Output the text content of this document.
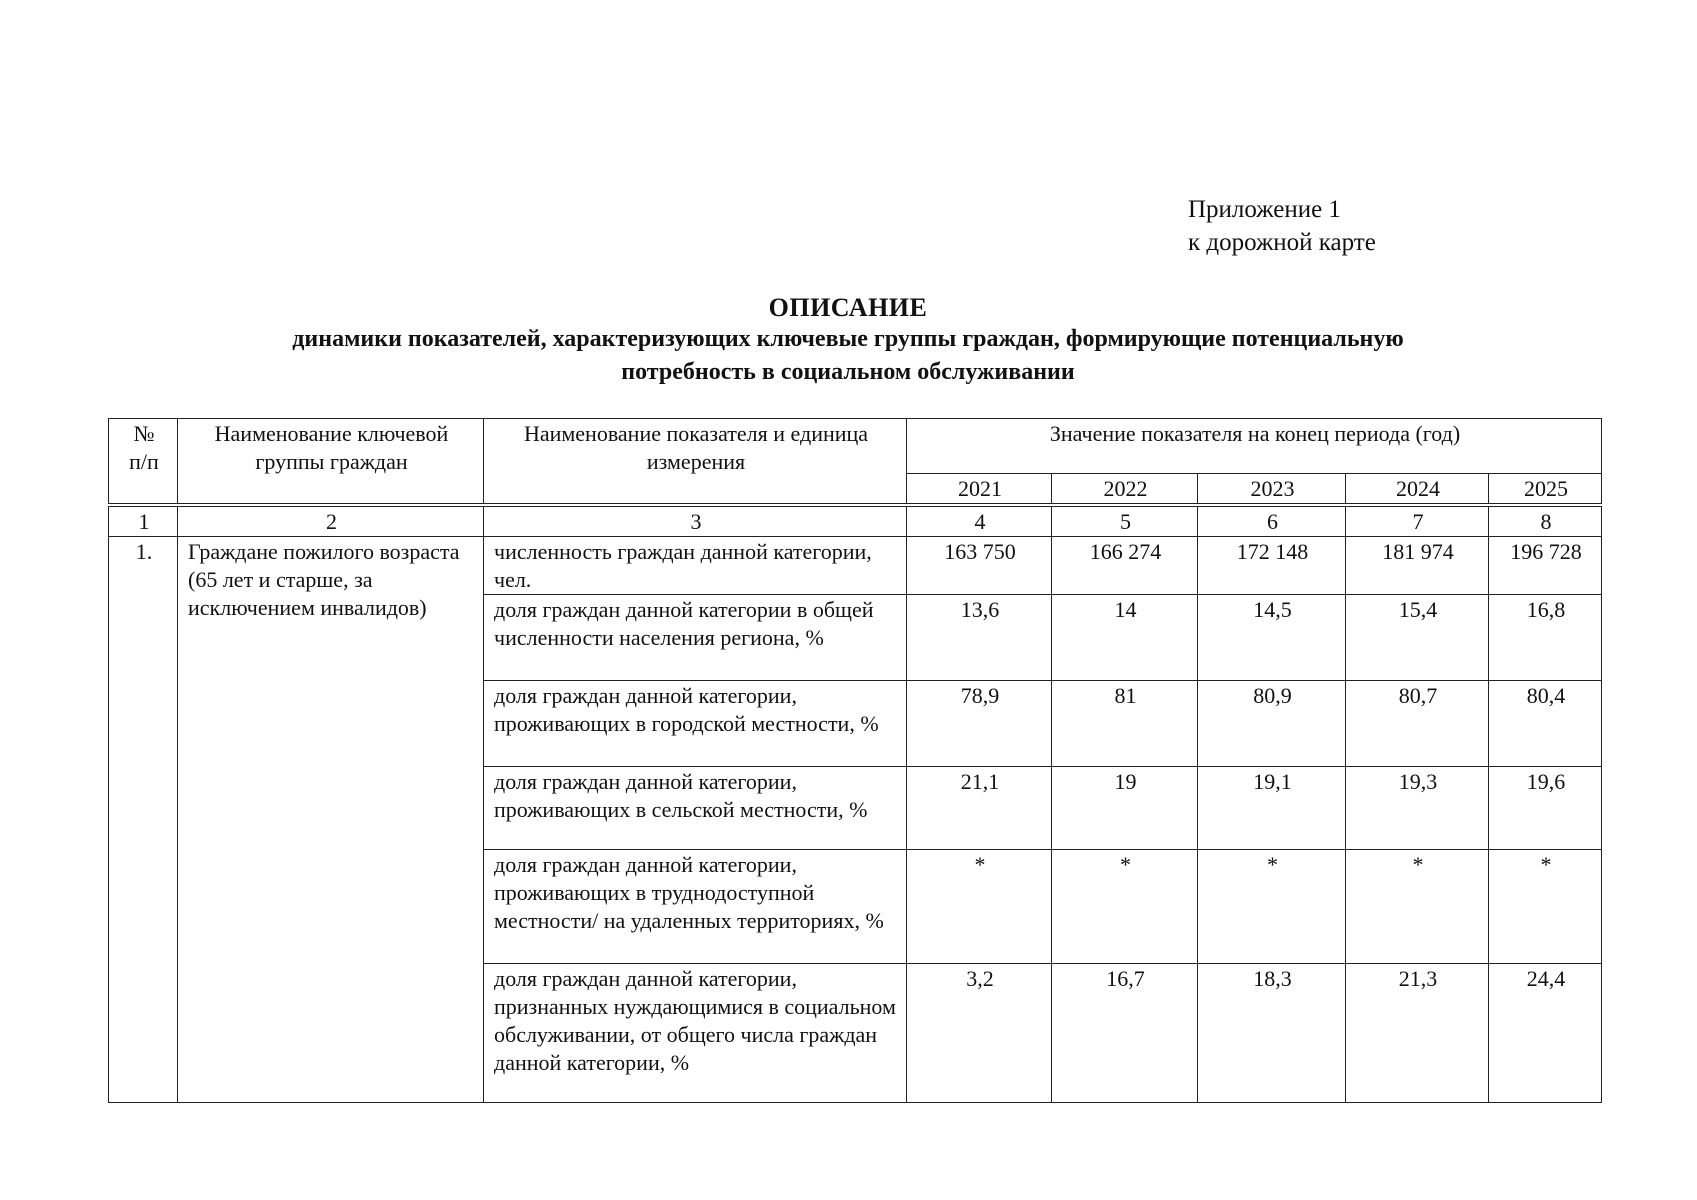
Приложение 1
к дорожной карте
ОПИСАНИЕ
динамики показателей, характеризующих ключевые группы граждан, формирующие потенциальную
потребность в социальном обслуживании
№
п/п	Наименование ключевой группы граждан	Наименование показателя и единица измерения	Значение показателя на конец периода (год)				
			2021	2022	2023	2024	2025
1	2	3	4	5	6	7	8
1.	Граждане пожилого возраста (65 лет и старше, за исключением инвалидов)	численность граждан данной категории, чел.	163 750	166 274	172 148	181 974	196 728
		доля граждан данной категории в общей численности населения региона, %	13,6	14	14,5	15,4	16,8
		доля граждан данной категории, проживающих в городской местности, %	78,9	81	80,9	80,7	80,4
		доля граждан данной категории, проживающих в сельской местности, %	21,1	19	19,1	19,3	19,6
		доля граждан данной категории, проживающих в труднодоступной местности/ на удаленных территориях, %	*	*	*	*	*
		доля граждан данной категории, признанных нуждающимися в социальном обслуживании, от общего числа граждан данной категории, %	3,2	16,7	18,3	21,3	24,4
